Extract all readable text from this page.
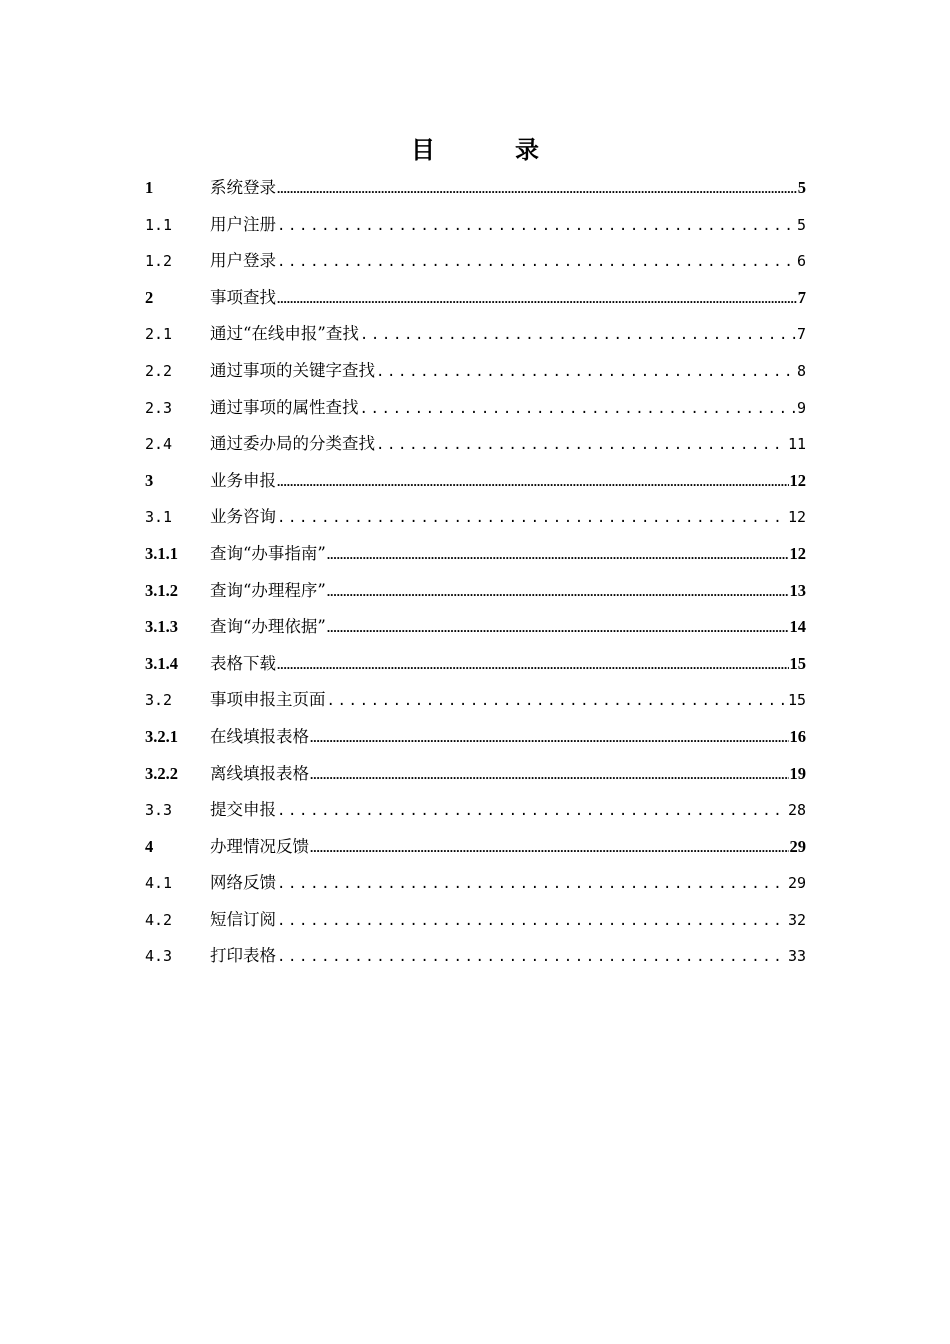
目　录
1	系统登录 .....	5
1.1	用户注册 .....	5
1.2	用户登录 .....	6
2	事项查找 .....	7
2.1	通过“在线申报”查找 .....	7
2.2	通过事项的关键字查找 .....	8
2.3	通过事项的属性查找 .....	9
2.4	通过委办局的分类查找 .....	11
3	业务申报 .....	12
3.1	业务咨询 .....	12
3.1.1	查询“办事指南” .....	12
3.1.2	查询“办理程序” .....	13
3.1.3	查询“办理依据” .....	14
3.1.4	表格下载 .....	15
3.2	事项申报主页面 .....	15
3.2.1	在线填报表格 .....	16
3.2.2	离线填报表格 .....	19
3.3	提交申报 .....	28
4	办理情况反馈 .....	29
4.1	网络反馈 .....	29
4.2	短信订阅 .....	32
4.3	打印表格 .....	33
